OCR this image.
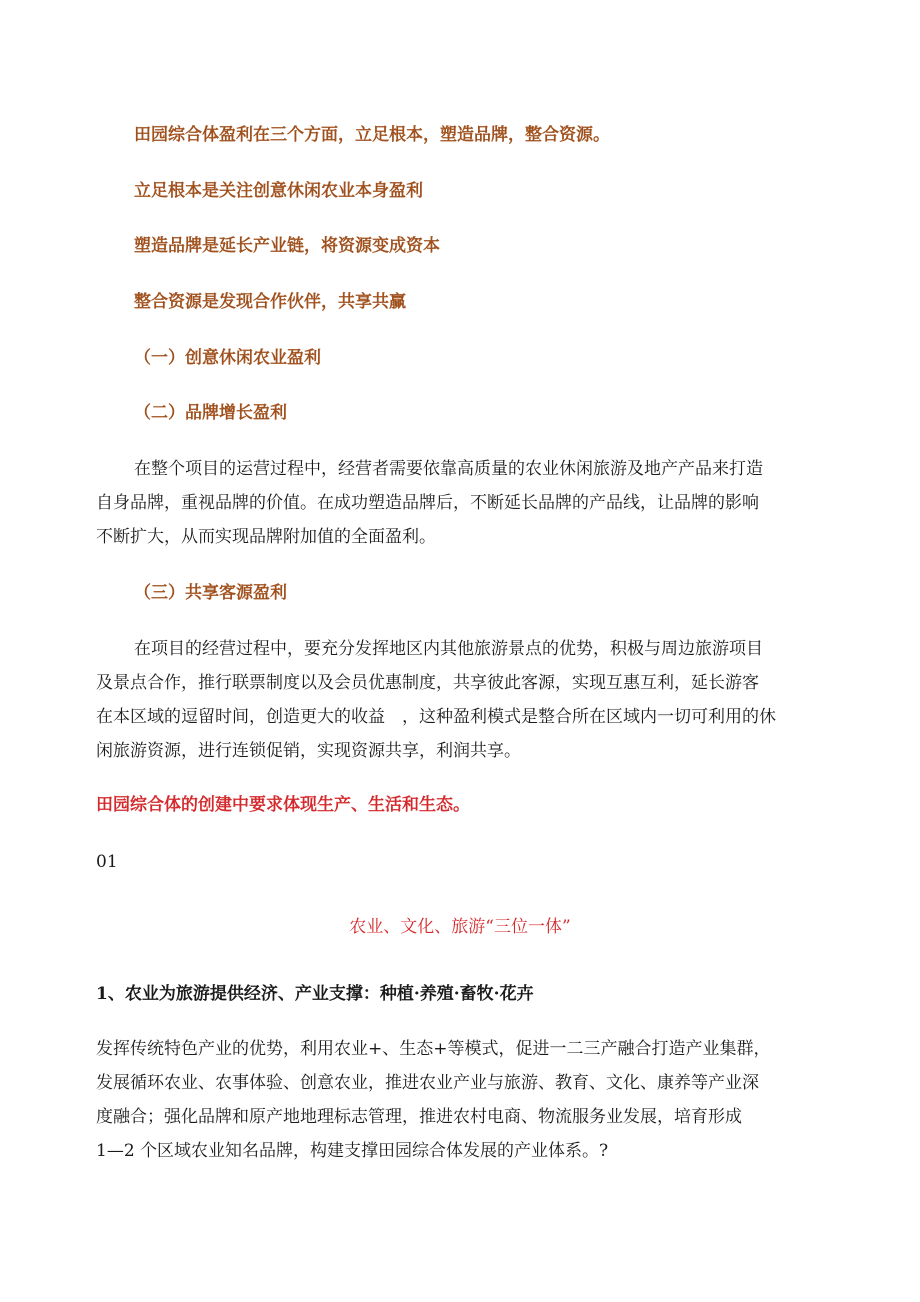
田园综合体盈利在三个方面，立足根本，塑造品牌，整合资源。

立足根本是关注创意休闲农业本身盈利

塑造品牌是延长产业链，将资源变成资本

整合资源是发现合作伙伴，共享共赢

（一）创意休闲农业盈利

（二）品牌增长盈利

在整个项目的运营过程中，经营者需要依靠高质量的农业休闲旅游及地产产品来打造
自身品牌，重视品牌的价值。在成功塑造品牌后，不断延长品牌的产品线，让品牌的影响
不断扩大，从而实现品牌附加值的全面盈利。

（三）共享客源盈利

在项目的经营过程中，要充分发挥地区内其他旅游景点的优势，积极与周边旅游项目
及景点合作，推行联票制度以及会员优惠制度，共享彼此客源，实现互惠互利，延长游客
在本区域的逗留时间，创造更大的收益　，这种盈利模式是整合所在区域内一切可利用的休
闲旅游资源，进行连锁促销，实现资源共享，利润共享。

田园综合体的创建中要求体现生产、生活和生态。

01

农业、文化、旅游“三位一体”

1、农业为旅游提供经济、产业支撑：种植·养殖·畜牧·花卉

发挥传统特色产业的优势，利用农业+、生态+等模式，促进一二三产融合打造产业集群，
发展循环农业、农事体验、创意农业，推进农业产业与旅游、教育、文化、康养等产业深
度融合；强化品牌和原产地地理标志管理，推进农村电商、物流服务业发展，培育形成
1—2 个区域农业知名品牌，构建支撑田园综合体发展的产业体系。?
